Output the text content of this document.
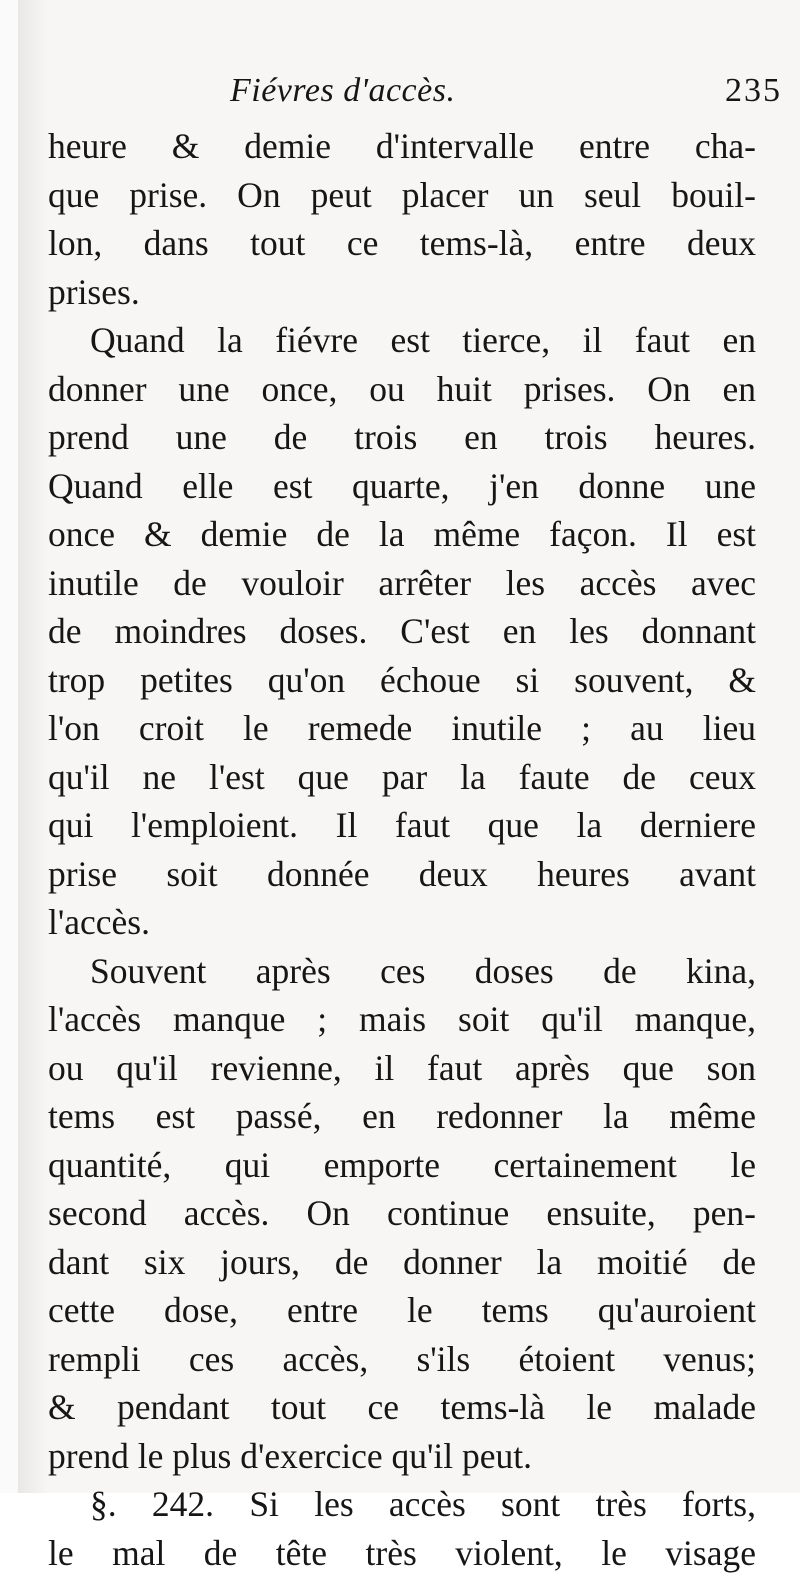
Fiévres d'accès.	235
heure & demie d'intervalle entre cha-
que prise. On peut placer un seul bouil-
lon, dans tout ce tems-là, entre deux
prises.
Quand la fiévre est tierce, il faut en
donner une once, ou huit prises. On en
prend une de trois en trois heures.
Quand elle est quarte, j'en donne une
once & demie de la même façon. Il est
inutile de vouloir arrêter les accès avec
de moindres doses. C'est en les donnant
trop petites qu'on échoue si souvent, &
l'on croit le remede inutile ; au lieu
qu'il ne l'est que par la faute de ceux
qui l'emploient. Il faut que la derniere
prise soit donnée deux heures avant
l'accès.
Souvent après ces doses de kina,
l'accès manque ; mais soit qu'il manque,
ou qu'il revienne, il faut après que son
tems est passé, en redonner la même
quantité, qui emporte certainement le
second accès. On continue ensuite, pen-
dant six jours, de donner la moitié de
cette dose, entre le tems qu'auroient
rempli ces accès, s'ils étoient venus;
& pendant tout ce tems-là le malade
prend le plus d'exercice qu'il peut.
§. 242. Si les accès sont très forts,
le mal de tête très violent, le visage
